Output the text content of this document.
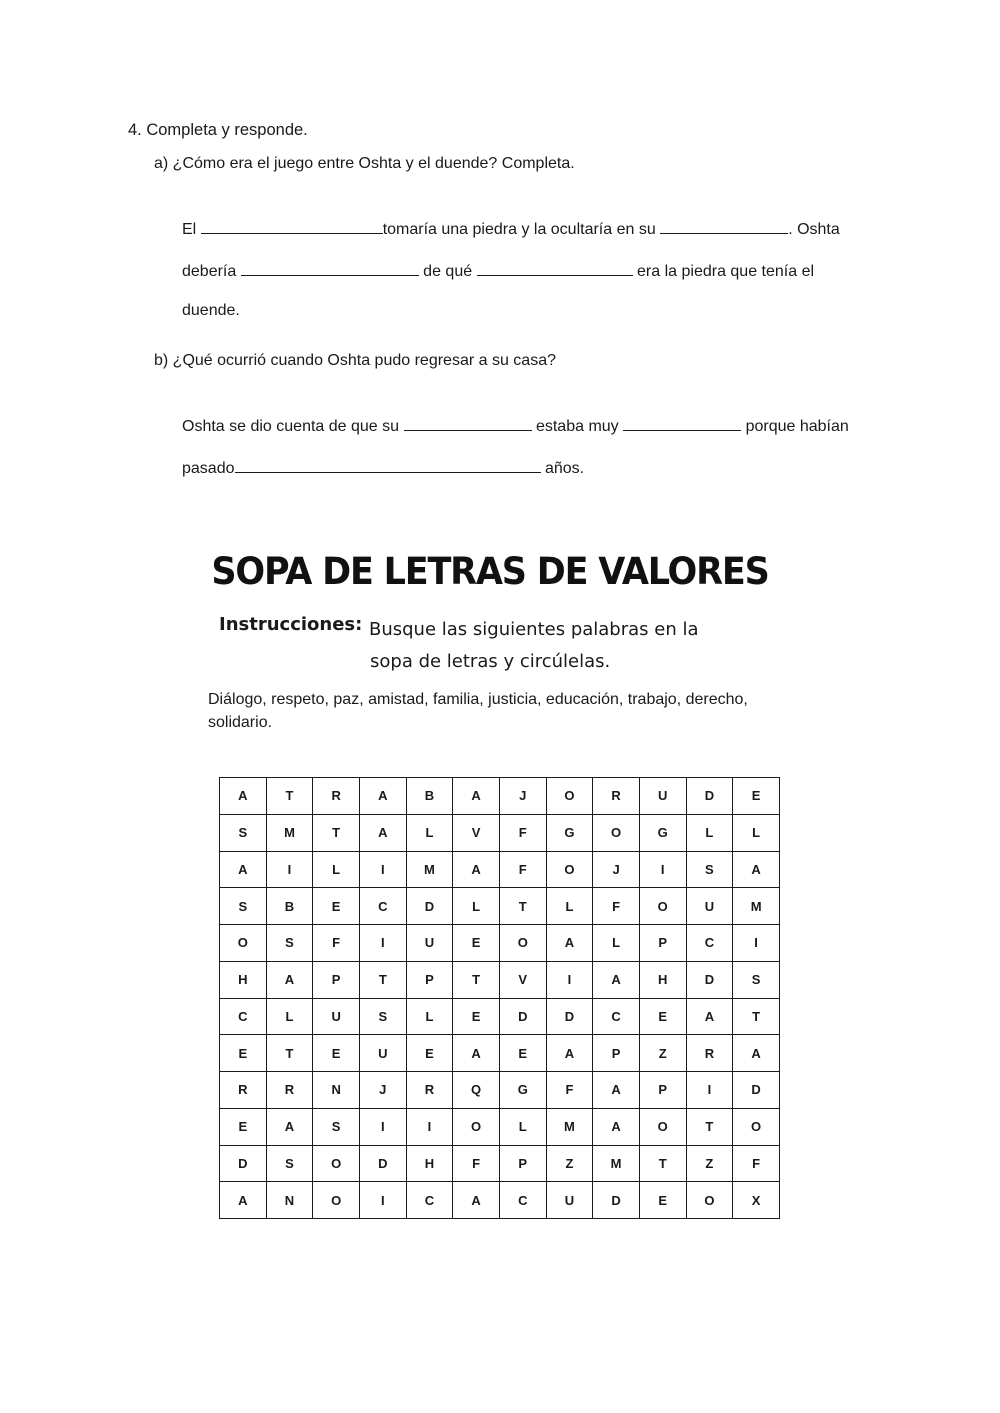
4. Completa y responde.
a) ¿Cómo era el juego entre Oshta y el duende? Completa.
El	tomaría una piedra y la ocultaría en su	. Oshta
debería	de qué	era la piedra que tenía el
duende.
b) ¿Qué ocurrió cuando Oshta pudo regresar a su casa?
Oshta se dio cuenta de que su	estaba muy	porque habían
pasado	años.
SOPA DE LETRAS DE VALORES
Instrucciones: Busque las siguientes palabras en la
sopa de letras y circúlelas.
Diálogo, respeto, paz, amistad, familia, justicia, educación, trabajo, derecho, solidario.
A	T	R	A	B	A	J	O	R	U	D	E
S	M	T	A	L	V	F	G	O	G	L	L
A	I	L	I	M	A	F	O	J	I	S	A
S	B	E	C	D	L	T	L	F	O	U	M
O	S	F	I	U	E	O	A	L	P	C	I
H	A	P	T	P	T	V	I	A	H	D	S
C	L	U	S	L	E	D	D	C	E	A	T
E	T	E	U	E	A	E	A	P	Z	R	A
R	R	N	J	R	Q	G	F	A	P	I	D
E	A	S	I	I	O	L	M	A	O	T	O
D	S	O	D	H	F	P	Z	M	T	Z	F
A	N	O	I	C	A	C	U	D	E	O	X
